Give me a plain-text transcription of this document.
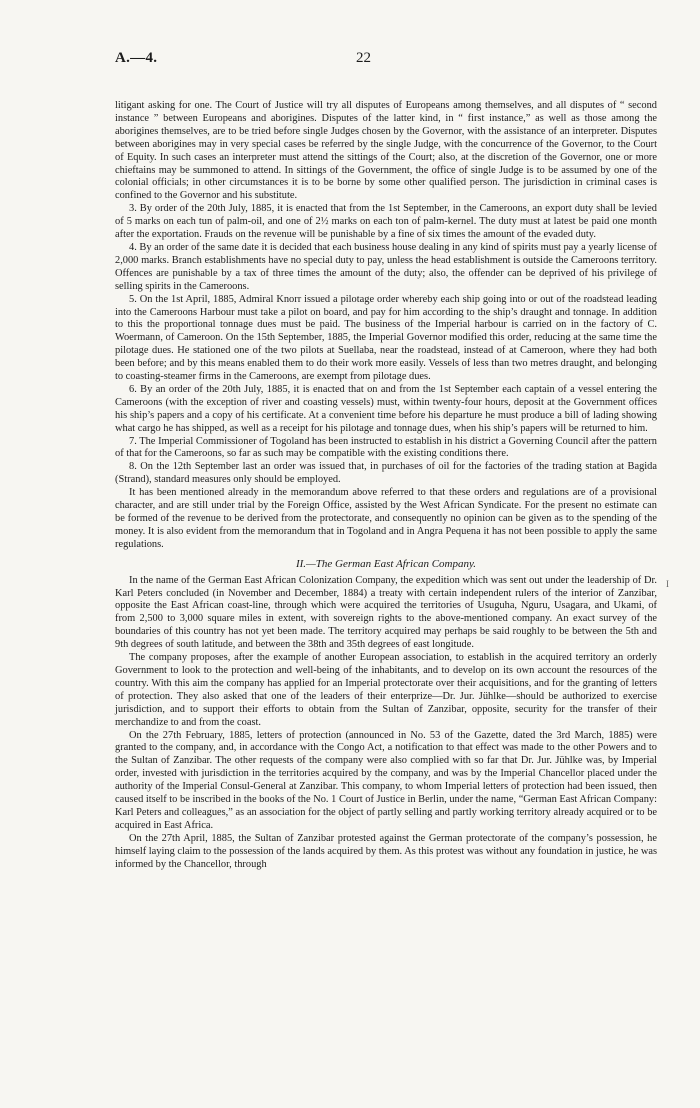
A.—4.	22
I

litigant asking for one. The Court of Justice will try all disputes of Europeans among themselves, and all disputes of “ second instance ” between Europeans and aborigines. Disputes of the latter kind, in “ first instance,” as well as those among the aborigines themselves, are to be tried before single Judges chosen by the Governor, with the assistance of an interpreter. Disputes between aborigines may in very special cases be referred by the single Judge, with the concurrence of the Governor, to the Court of Equity. In such cases an interpreter must attend the sittings of the Court; also, at the discretion of the Governor, one or more chieftains may be summoned to attend. In sittings of the Government, the office of single Judge is to be assumed by one of the colonial officials; in other circumstances it is to be borne by some other qualified person. The jurisdiction in criminal cases is confined to the Governor and his substitute.

3. By order of the 20th July, 1885, it is enacted that from the 1st September, in the Cameroons, an export duty shall be levied of 5 marks on each tun of palm-oil, and one of 2½ marks on each ton of palm-kernel. The duty must at latest be paid one month after the exportation. Frauds on the revenue will be punishable by a fine of six times the amount of the evaded duty.

4. By an order of the same date it is decided that each business house dealing in any kind of spirits must pay a yearly license of 2,000 marks. Branch establishments have no special duty to pay, unless the head establishment is outside the Cameroons territory. Offences are punishable by a tax of three times the amount of the duty; also, the offender can be deprived of his privilege of selling spirits in the Cameroons.

5. On the 1st April, 1885, Admiral Knorr issued a pilotage order whereby each ship going into or out of the roadstead leading into the Cameroons Harbour must take a pilot on board, and pay for him according to the ship’s draught and tonnage. In addition to this the proportional tonnage dues must be paid. The business of the Imperial harbour is carried on in the factory of C. Woermann, of Cameroon. On the 15th September, 1885, the Imperial Governor modified this order, reducing at the same time the pilotage dues. He stationed one of the two pilots at Suellaba, near the roadstead, instead of at Cameroon, where they had both been before; and by this means enabled them to do their work more easily. Vessels of less than two metres draught, and belonging to coasting-steamer firms in the Cameroons, are exempt from pilotage dues.

6. By an order of the 20th July, 1885, it is enacted that on and from the 1st September each captain of a vessel entering the Cameroons (with the exception of river and coasting vessels) must, within twenty-four hours, deposit at the Government offices his ship’s papers and a copy of his certificate. At a convenient time before his departure he must produce a bill of lading showing what cargo he has shipped, as well as a receipt for his pilotage and tonnage dues, when his ship’s papers will be returned to him.

7. The Imperial Commissioner of Togoland has been instructed to establish in his district a Governing Council after the pattern of that for the Cameroons, so far as such may be compatible with the existing conditions there.

8. On the 12th September last an order was issued that, in purchases of oil for the factories of the trading station at Bagida (Strand), standard measures only should be employed.

It has been mentioned already in the memorandum above referred to that these orders and regulations are of a provisional character, and are still under trial by the Foreign Office, assisted by the West African Syndicate. For the present no estimate can be formed of the revenue to be derived from the protectorate, and consequently no opinion can be given as to the spending of the money. It is also evident from the memorandum that in Togoland and in Angra Pequena it has not been possible to apply the same regulations.

II.—The German East African Company.

In the name of the German East African Colonization Company, the expedition which was sent out under the leadership of Dr. Karl Peters concluded (in November and December, 1884) a treaty with certain independent rulers of the interior of Zanzibar, opposite the East African coast-line, through which were acquired the territories of Usuguha, Nguru, Usagara, and Ukami, of from 2,500 to 3,000 square miles in extent, with sovereign rights to the above-mentioned company. An exact survey of the boundaries of this country has not yet been made. The territory acquired may perhaps be said roughly to be between the 5th and 9th degrees of south latitude, and between the 38th and 35th degrees of east longitude.

The company proposes, after the example of another European association, to establish in the acquired territory an orderly Government to look to the protection and well-being of the inhabitants, and to develop on its own account the resources of the country. With this aim the company has applied for an Imperial protectorate over their acquisitions, and for the granting of letters of protection. They also asked that one of the leaders of their enterprize—Dr. Jur. Jühlke—should be authorized to exercise jurisdiction, and to support their efforts to obtain from the Sultan of Zanzibar, opposite, security for the transfer of their merchandize to and from the coast.

On the 27th February, 1885, letters of protection (announced in No. 53 of the Gazette, dated the 3rd March, 1885) were granted to the company, and, in accordance with the Congo Act, a notification to that effect was made to the other Powers and to the Sultan of Zanzibar. The other requests of the company were also complied with so far that Dr. Jur. Jühlke was, by Imperial order, invested with jurisdiction in the territories acquired by the company, and was by the Imperial Chancellor placed under the authority of the Imperial Consul-General at Zanzibar. This company, to whom Imperial letters of protection had been issued, then caused itself to be inscribed in the books of the No. 1 Court of Justice in Berlin, under the name, “German East African Company: Karl Peters and colleagues,” as an association for the object of partly selling and partly working territory already acquired or to be acquired in East Africa.

On the 27th April, 1885, the Sultan of Zanzibar protested against the German protectorate of the company’s possession, he himself laying claim to the possession of the lands acquired by them. As this protest was without any foundation in justice, he was informed by the Chancellor, through
